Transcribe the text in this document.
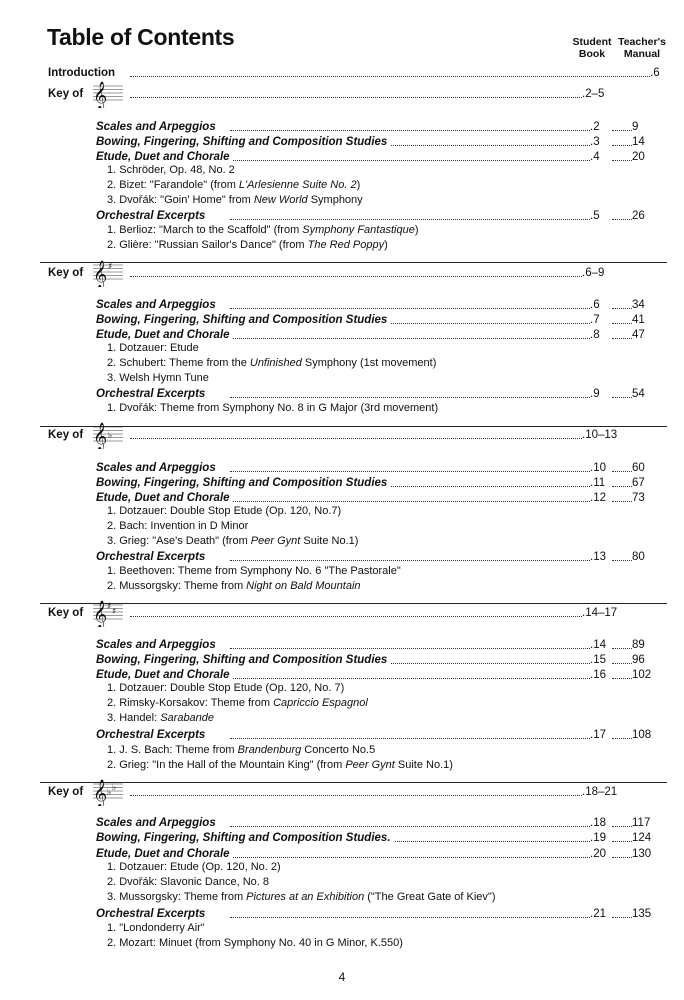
Table of Contents	Student
Book
Teacher's
Manual
Introduction	.6
Key of	.2–5
𝄞
Scales and Arpeggios	.2	9
Bowing, Fingering, Shifting and Composition Studies	.3	14
Etude, Duet and Chorale	.4	20
1. Schröder, Op. 48, No. 2
2. Bizet: "Farandole" (from L'Arlesienne Suite No. 2)
3. Dvořák: "Goin' Home" from New World Symphony
Orchestral Excerpts	.5	26
1. Berlioz: "March to the Scaffold" (from Symphony Fantastique)
2. Glière: "Russian Sailor's Dance" (from The Red Poppy)
Key of	.6–9
𝄞 ♯
Scales and Arpeggios	.6	34
Bowing, Fingering, Shifting and Composition Studies	.7	41
Etude, Duet and Chorale	.8	47
1. Dotzauer: Etude
2. Schubert: Theme from the Unfinished Symphony (1st movement)
3. Welsh Hymn Tune
Orchestral Excerpts	.9	54
1. Dvořák: Theme from Symphony No. 8 in G Major (3rd movement)
Key of	.10–13
𝄞 ♭
Scales and Arpeggios	.10 60
Bowing, Fingering, Shifting and Composition Studies	.11 67
Etude, Duet and Chorale	.12 73
1. Dotzauer: Double Stop Etude (Op. 120, No.7)
2. Bach: Invention in D Minor
3. Grieg: "Ase's Death" (from Peer Gynt Suite No.1)
Orchestral Excerpts	.13 80
1. Beethoven: Theme from Symphony No. 6 "The Pastorale"
2. Mussorgsky: Theme from Night on Bald Mountain
Key of	.14–17
𝄞 ♯ ♯
Scales and Arpeggios	.14 89
Bowing, Fingering, Shifting and Composition Studies	.15 96
Etude, Duet and Chorale	.16 102
1. Dotzauer: Double Stop Etude (Op. 120, No. 7)
2. Rimsky-Korsakov: Theme from Capriccio Espagnol
3. Handel: Sarabande
Orchestral Excerpts	.17 108
1. J. S. Bach: Theme from Brandenburg Concerto No.5
2. Grieg: "In the Hall of the Mountain King" (from Peer Gynt Suite No.1)
Key of	.18–21
𝄞 ♭ ♭
Scales and Arpeggios	.18 117
Bowing, Fingering, Shifting and Composition Studies.	.19 124
Etude, Duet and Chorale	.20 130
1. Dotzauer: Etude (Op. 120, No. 2)
2. Dvořák: Slavonic Dance, No. 8
3. Mussorgsky: Theme from Pictures at an Exhibition ("The Great Gate of Kiev")
Orchestral Excerpts	.21 135
1. "Londonderry Air"
2. Mozart: Minuet (from Symphony No. 40 in G Minor, K.550)
4
